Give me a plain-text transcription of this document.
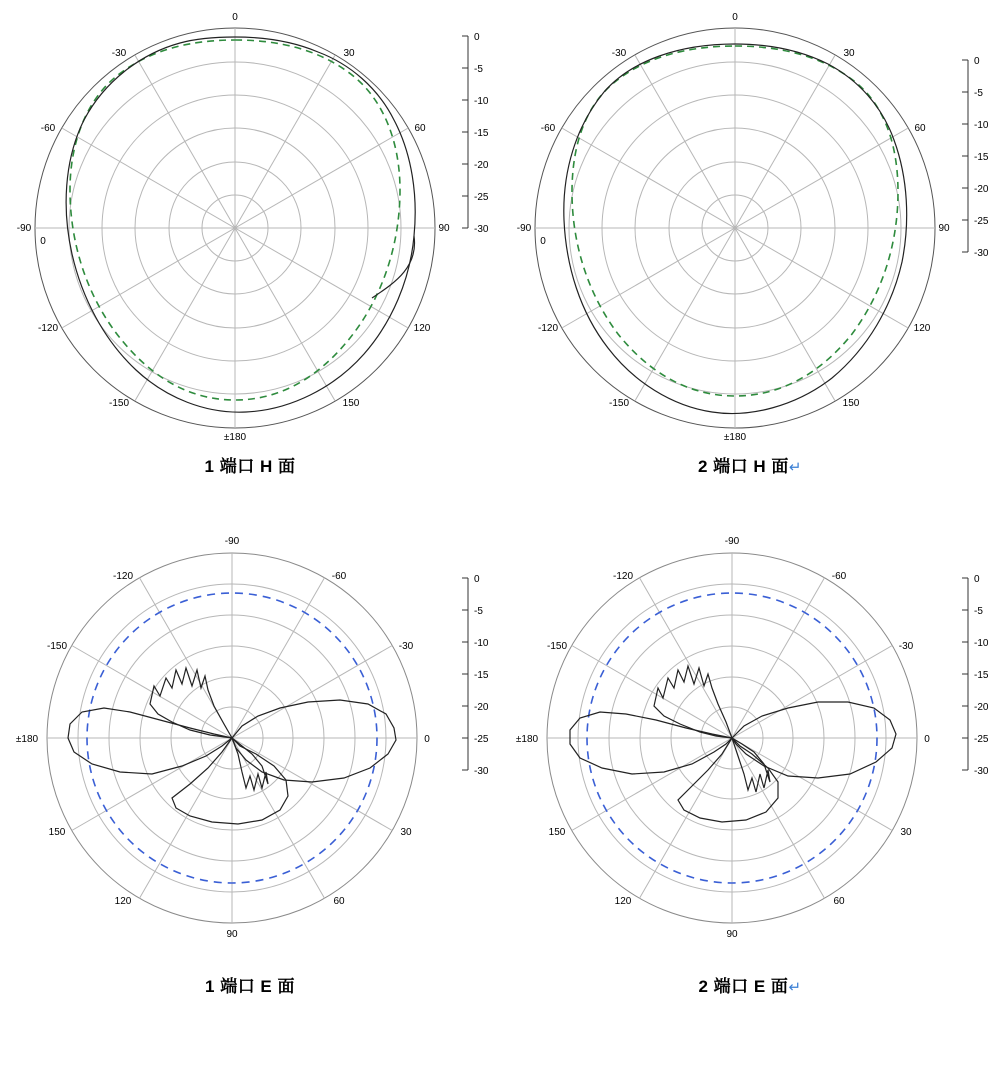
0
30
60
90
120
150
±180
-150
-120
-90
-60
-30
0
0
-5
-10
-15
-20
-25
-30
1 端口 H 面
0
30
60
90
120
150
±180
-150
-120
-90
-60
-30
0
0
-5
-10
-15
-20
-25
-30
2 端口 H 面↵
-90
-60
-30
0
30
60
90
120
150
±180
-150
-120	0
-5
-10
-15
-20
-25
-30
1 端口 E 面
-90
-60
-30
0
30
60
90
120
150
±180
-150
-120	0
-5
-10
-15
-20
-25
-30
2 端口 E 面↵
